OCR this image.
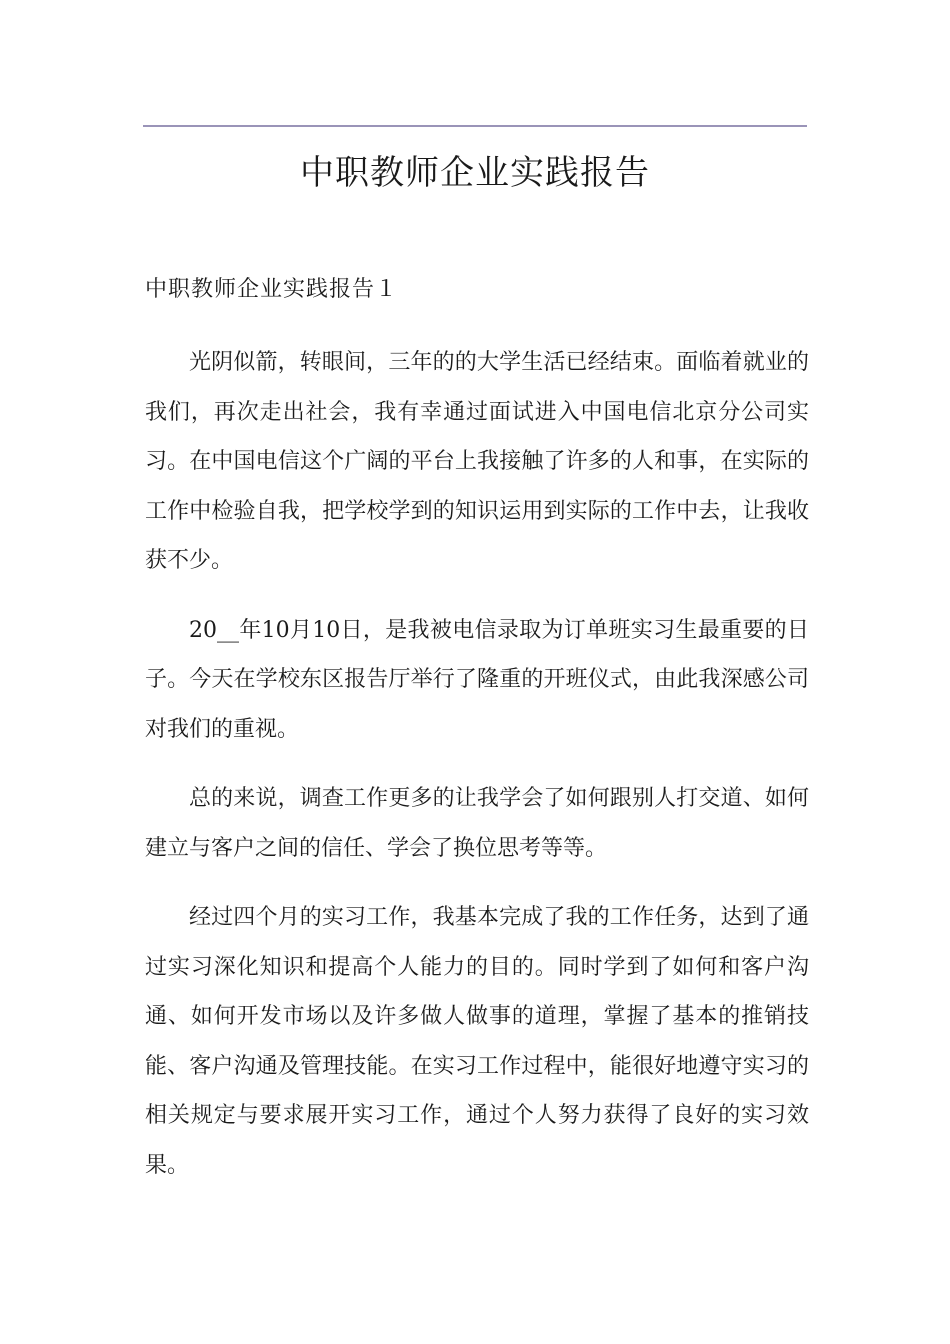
中职教师企业实践报告
中职教师企业实践报告１

光阴似箭，转眼间，三年的的大学生活已经结束。面临着就业的我们，再次走出社会，我有幸通过面试进入中国电信北京分公司实习。在中国电信这个广阔的平台上我接触了许多的人和事，在实际的工作中检验自我，把学校学到的知识运用到实际的工作中去，让我收获不少。

20__年10月10日，是我被电信录取为订单班实习生最重要的日子。今天在学校东区报告厅举行了隆重的开班仪式，由此我深感公司对我们的重视。

总的来说，调查工作更多的让我学会了如何跟别人打交道、如何建立与客户之间的信任、学会了换位思考等等。

经过四个月的实习工作，我基本完成了我的工作任务，达到了通过实习深化知识和提高个人能力的目的。同时学到了如何和客户沟通、如何开发市场以及许多做人做事的道理，掌握了基本的推销技能、客户沟通及管理技能。在实习工作过程中，能很好地遵守实习的相关规定与要求展开实习工作，通过个人努力获得了良好的实习效果。
